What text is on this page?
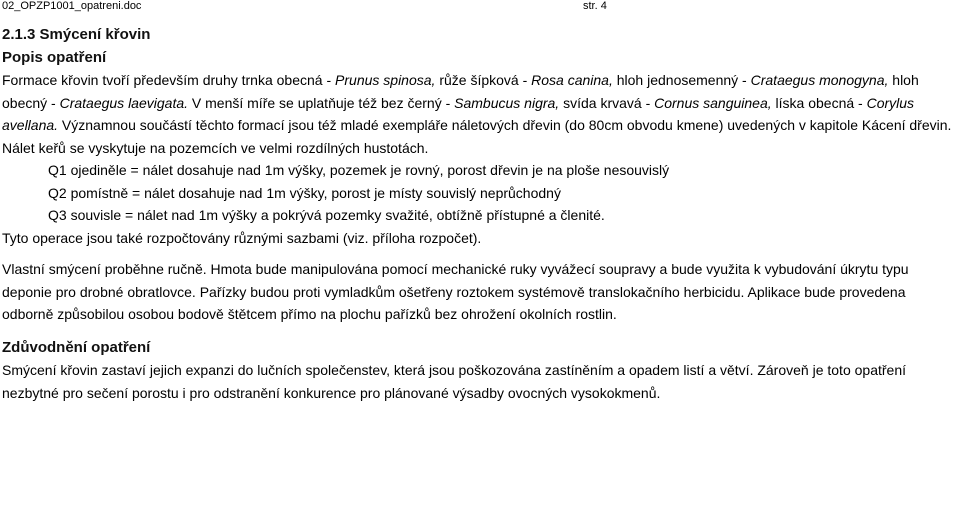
02_OPZP1001_opatreni.doc	str. 4
2.1.3 Smýcení křovin
Popis opatření

Formace křovin tvoří především druhy trnka obecná - Prunus spinosa, růže šípková - Rosa canina, hloh jednosemenný - Crataegus monogyna, hloh obecný - Crataegus laevigata. V menší míře se uplatňuje též bez černý - Sambucus nigra, svída krvavá - Cornus sanguinea, líska obecná - Corylus avellana. Významnou součástí těchto formací jsou též mladé exempláře náletových dřevin (do 80cm obvodu kmene) uvedených v kapitole Kácení dřevin.

Nálet keřů se vyskytuje na pozemcích ve velmi rozdílných hustotách.

Q1 ojediněle = nálet dosahuje nad 1m výšky, pozemek je rovný, porost dřevin je na ploše nesouvislý

Q2 pomístně = nálet dosahuje nad 1m výšky, porost je místy souvislý neprůchodný

Q3 souvisle = nálet nad 1m výšky a pokrývá pozemky svažité, obtížně přístupné a členité.

Tyto operace jsou také rozpočtovány různými sazbami (viz. příloha rozpočet).

Vlastní smýcení proběhne ručně. Hmota bude manipulována pomocí mechanické ruky vyvážecí soupravy a bude využita k vybudování úkrytu typu deponie pro drobné obratlovce. Pařízky budou proti vymladkům ošetřeny roztokem systémově translokačního herbicidu. Aplikace bude provedena odborně způsobilou osobou bodově štětcem přímo na plochu pařízků bez ohrožení okolních rostlin.

Zdůvodnění opatření

Smýcení křovin zastaví jejich expanzi do lučních společenstev, která jsou poškozována zastíněním a opadem listí a větví. Zároveň je toto opatření nezbytné pro sečení porostu i pro odstranění konkurence pro plánované výsadby ovocných vysokokmenů.
